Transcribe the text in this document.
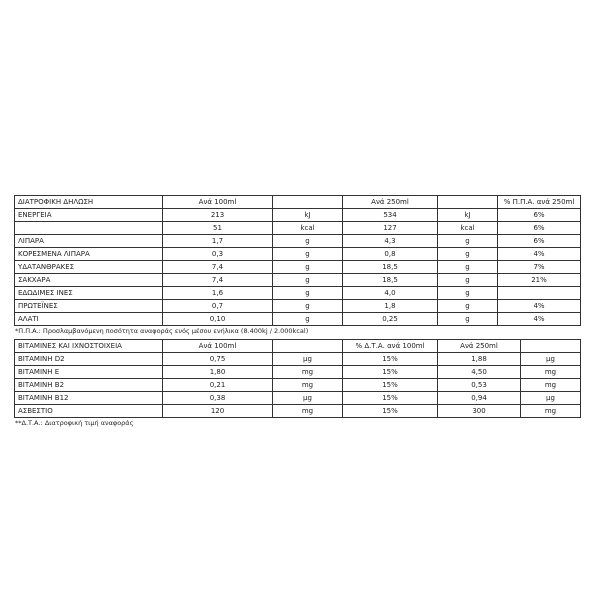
ΔΙΑΤΡΟΦΙΚΗ ΔΗΛΩΣΗ	Ανά 100ml		Ανά 250ml		% Π.Π.Α. ανά 250ml
ΕΝΕΡΓΕΙΑ	213	kJ	534	kJ	6%
	51	kcal	127	kcal	6%
ΛΙΠΑΡΑ	1,7	g	4,3	g	6%
ΚΟΡΕΣΜΕΝΑ ΛΙΠΑΡΑ	0,3	g	0,8	g	4%
ΥΔΑΤΑΝΘΡΑΚΕΣ	7,4	g	18,5	g	7%
ΣΑΚΧΑΡΑ	7,4	g	18,5	g	21%
ΕΔΩΔΙΜΕΣ ΙΝΕΣ	1,6	g	4,0	g	
ΠΡΩΤΕΪΝΕΣ	0,7	g	1,8	g	4%
ΑΛΑΤΙ	0,10	g	0,25	g	4%
*Π.Π.Α.: Προσλαμβανόμενη ποσότητα αναφοράς ενός μέσου ενήλικα (8.400kj / 2.000kcal)
ΒΙΤΑΜΙΝΕΣ ΚΑΙ ΙΧΝΟΣΤΟΙΧΕΙΑ	Ανά 100ml		% Δ.Τ.Α. ανά 100ml	Ανά 250ml	
ΒΙΤΑΜΙΝΗ D2	0,75	μg	15%	1,88	μg
ΒΙΤΑΜΙΝΗ Ε	1,80	mg	15%	4,50	mg
ΒΙΤΑΜΙΝΗ Β2	0,21	mg	15%	0,53	mg
ΒΙΤΑΜΙΝΗ Β12	0,38	μg	15%	0,94	μg
ΑΣΒΕΣΤΙΟ	120	mg	15%	300	mg
**Δ.Τ.Α.: Διατροφική τιμή αναφοράς
